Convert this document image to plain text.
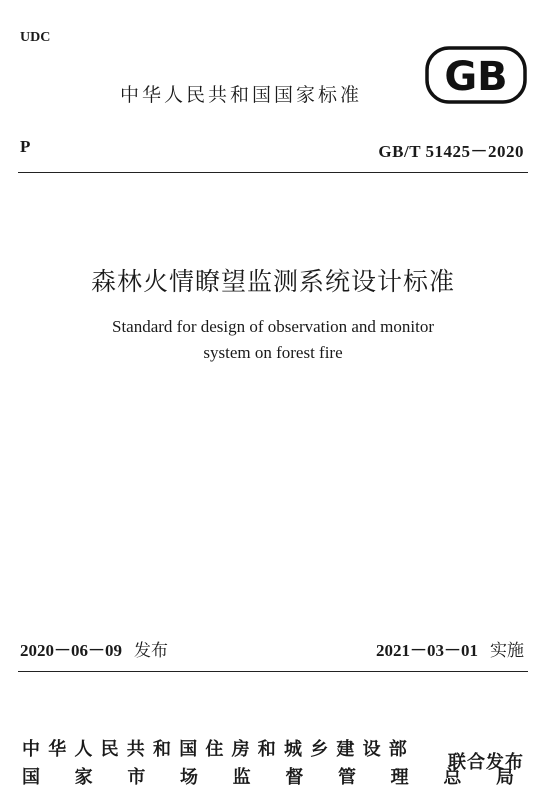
UDC
中华人民共和国国家标准 GB
P	GB/T 51425－2020
森林火情瞭望监测系统设计标准
Standard for design of observation and monitor
system on forest fire
2020－06－09 发布	2021－03－01 实施
中华人民共和国住房和城乡建设部
国 家 市 场 监 督 管 理 总 局
联合发布
